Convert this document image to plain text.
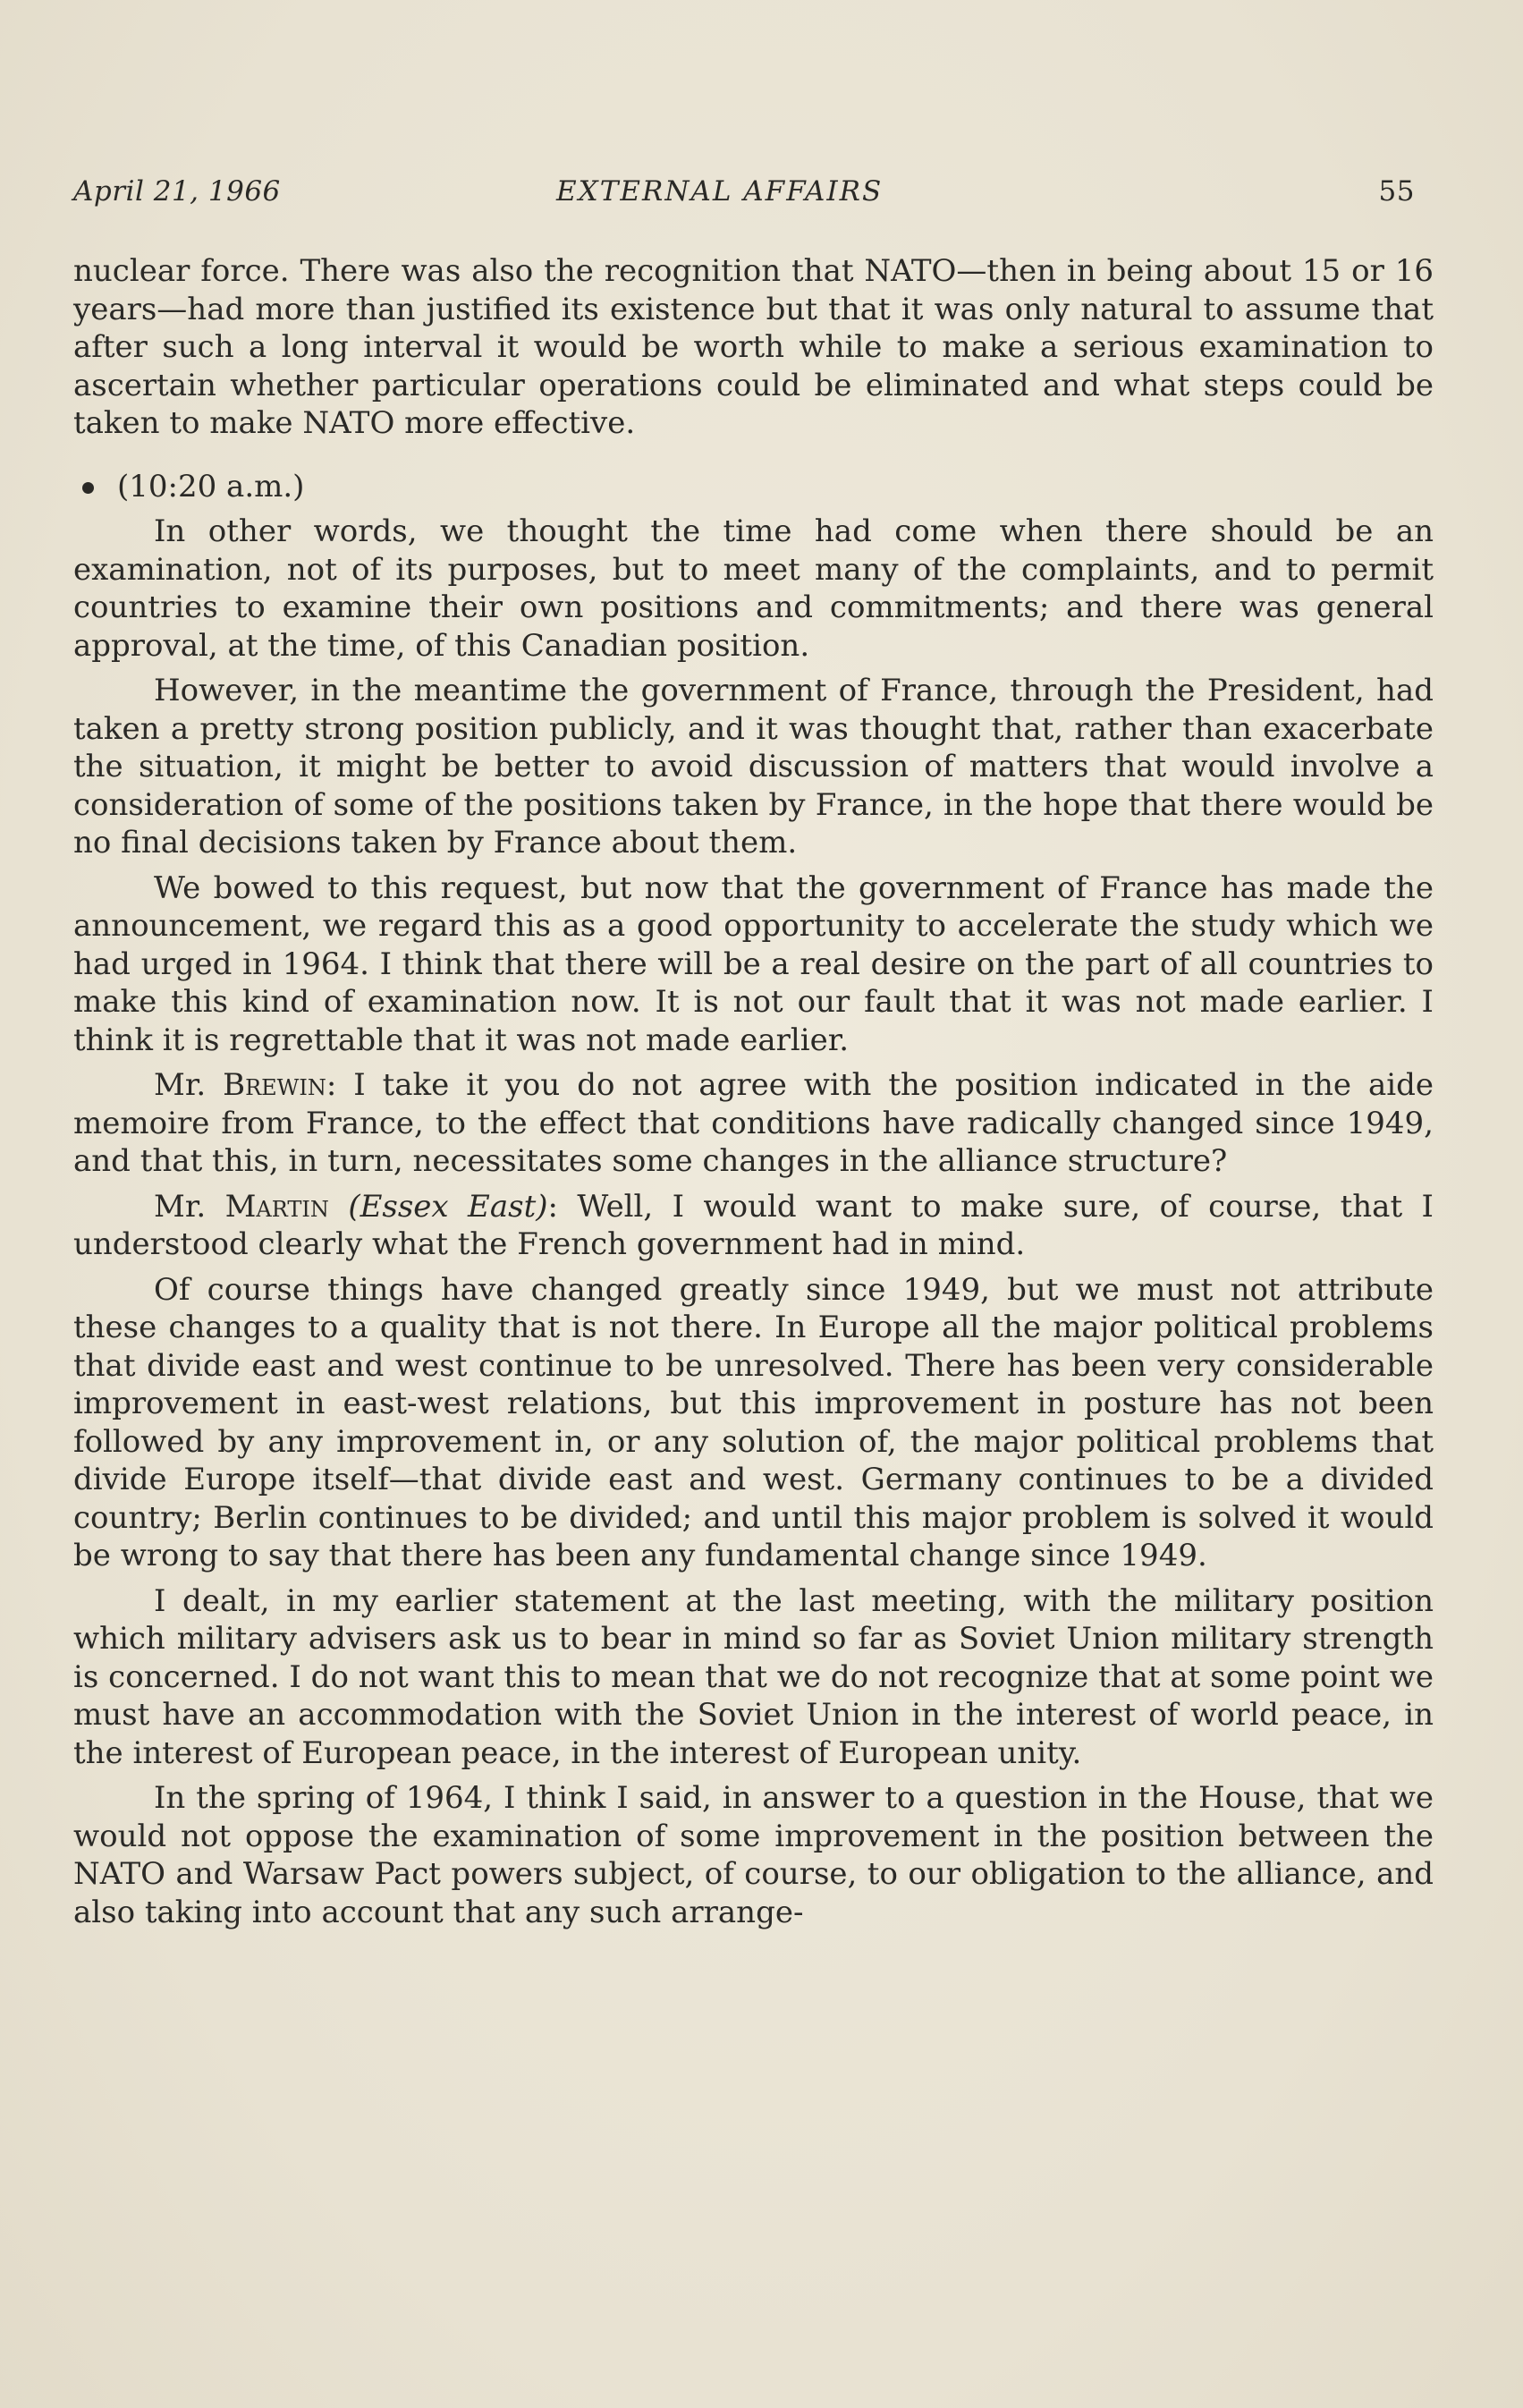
April 21, 1966	EXTERNAL AFFAIRS	55

nuclear force. There was also the recognition that NATO—then in being about 15 or 16 years—had more than justified its existence but that it was only natural to assume that after such a long interval it would be worth while to make a serious examination to ascertain whether particular operations could be eliminated and what steps could be taken to make NATO more effective.

(10:20 a.m.)

In other words, we thought the time had come when there should be an examination, not of its purposes, but to meet many of the complaints, and to permit countries to examine their own positions and commitments; and there was general approval, at the time, of this Canadian position.

However, in the meantime the government of France, through the President, had taken a pretty strong position publicly, and it was thought that, rather than exacerbate the situation, it might be better to avoid discussion of matters that would involve a consideration of some of the positions taken by France, in the hope that there would be no final decisions taken by France about them.

We bowed to this request, but now that the government of France has made the announcement, we regard this as a good opportunity to accelerate the study which we had urged in 1964. I think that there will be a real desire on the part of all countries to make this kind of examination now. It is not our fault that it was not made earlier. I think it is regrettable that it was not made earlier.

Mr. Brewin: I take it you do not agree with the position indicated in the aide memoire from France, to the effect that conditions have radically changed since 1949, and that this, in turn, necessitates some changes in the alliance structure?

Mr. Martin (Essex East): Well, I would want to make sure, of course, that I understood clearly what the French government had in mind.

Of course things have changed greatly since 1949, but we must not attribute these changes to a quality that is not there. In Europe all the major political problems that divide east and west continue to be unresolved. There has been very considerable improvement in east-west relations, but this improvement in posture has not been followed by any improvement in, or any solution of, the major political problems that divide Europe itself—that divide east and west. Germany continues to be a divided country; Berlin continues to be divided; and until this major problem is solved it would be wrong to say that there has been any fundamental change since 1949.

I dealt, in my earlier statement at the last meeting, with the military position which military advisers ask us to bear in mind so far as Soviet Union military strength is concerned. I do not want this to mean that we do not recognize that at some point we must have an accommodation with the Soviet Union in the interest of world peace, in the interest of European peace, in the interest of European unity.

In the spring of 1964, I think I said, in answer to a question in the House, that we would not oppose the examination of some improvement in the position between the NATO and Warsaw Pact powers subject, of course, to our obligation to the alliance, and also taking into account that any such arrange-
